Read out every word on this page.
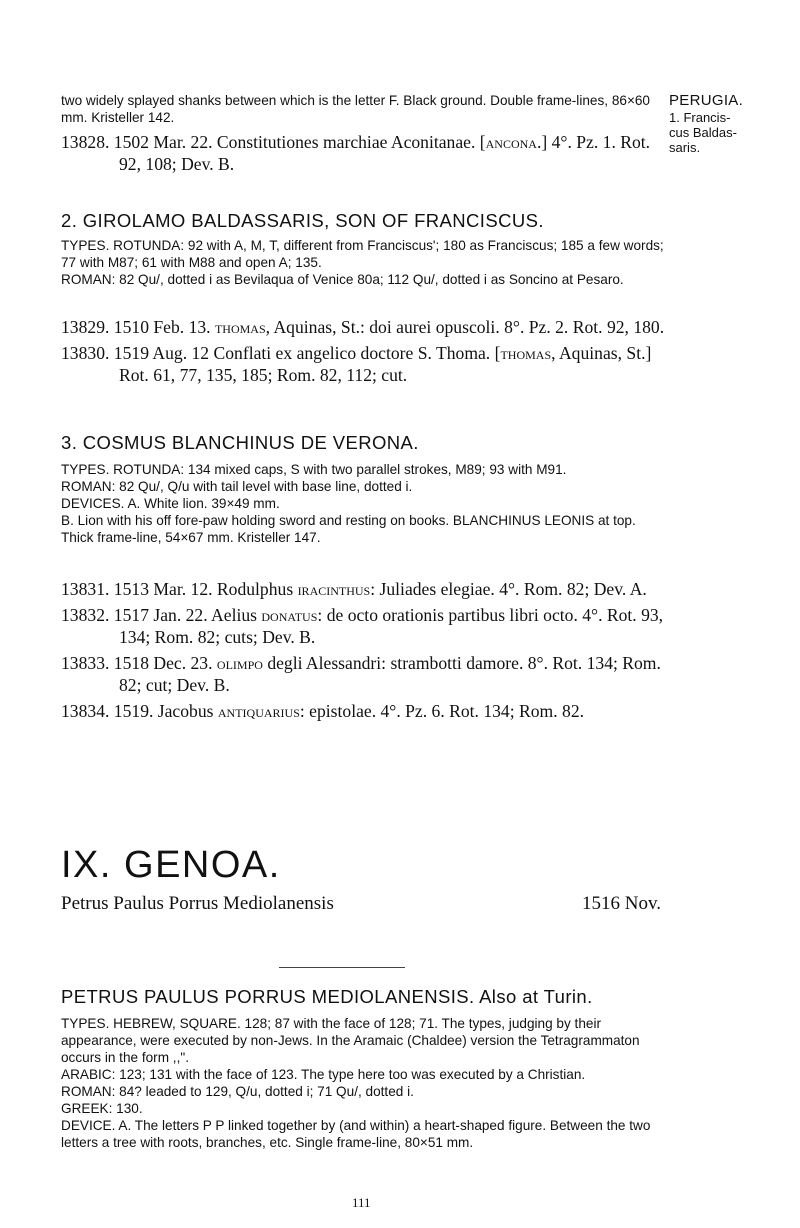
two widely splayed shanks between which is the letter F. Black ground. Double frame-lines, 86×60 mm. Kristeller 142.
13828. 1502 Mar. 22. Constitutiones marchiae Aconitanae. [ancona.] 4°. Pz. 1. Rot. 92, 108; Dev. B.
PERUGIA.
1. Francis-
cus Baldas-
saris.
2. GIROLAMO BALDASSARIS, SON OF FRANCISCUS.
TYPES. ROTUNDA: 92 with A, M, T, different from Franciscus'; 180 as Franciscus; 185 a few words; 77 with M87; 61 with M88 and open A; 135.
ROMAN: 82 Qu/, dotted i as Bevilaqua of Venice 80a; 112 Qu/, dotted i as Soncino at Pesaro.
13829. 1510 Feb. 13. thomas, Aquinas, St.: doi aurei opuscoli. 8°. Pz. 2. Rot. 92, 180.
13830. 1519 Aug. 12 Conflati ex angelico doctore S. Thoma. [thomas, Aquinas, St.] Rot. 61, 77, 135, 185; Rom. 82, 112; cut.
3. COSMUS BLANCHINUS DE VERONA.
TYPES. ROTUNDA: 134 mixed caps, S with two parallel strokes, M89; 93 with M91.
ROMAN: 82 Qu/, Q/u with tail level with base line, dotted i.
DEVICES. A. White lion. 39×49 mm.
B. Lion with his off fore-paw holding sword and resting on books. BLANCHINUS LEONIS at top. Thick frame-line, 54×67 mm. Kristeller 147.
13831. 1513 Mar. 12. Rodulphus iracinthus: Juliades elegiae. 4°. Rom. 82; Dev. A.
13832. 1517 Jan. 22. Aelius donatus: de octo orationis partibus libri octo. 4°. Rot. 93, 134; Rom. 82; cuts; Dev. B.
13833. 1518 Dec. 23. olimpo degli Alessandri: strambotti damore. 8°. Rot. 134; Rom. 82; cut; Dev. B.
13834. 1519. Jacobus antiquarius: epistolae. 4°. Pz. 6. Rot. 134; Rom. 82.
IX. GENOA.
Petrus Paulus Porrus Mediolanensis	1516 Nov.
PETRUS PAULUS PORRUS MEDIOLANENSIS. Also at Turin.
TYPES. HEBREW, SQUARE. 128; 87 with the face of 128; 71. The types, judging by their appearance, were executed by non-Jews. In the Aramaic (Chaldee) version the Tetragrammaton occurs in the form ,,".
ARABIC: 123; 131 with the face of 123. The type here too was executed by a Christian.
ROMAN: 84? leaded to 129, Q/u, dotted i; 71 Qu/, dotted i.
GREEK: 130.
DEVICE. A. The letters P P linked together by (and within) a heart-shaped figure. Between the two letters a tree with roots, branches, etc. Single frame-line, 80×51 mm.
111
